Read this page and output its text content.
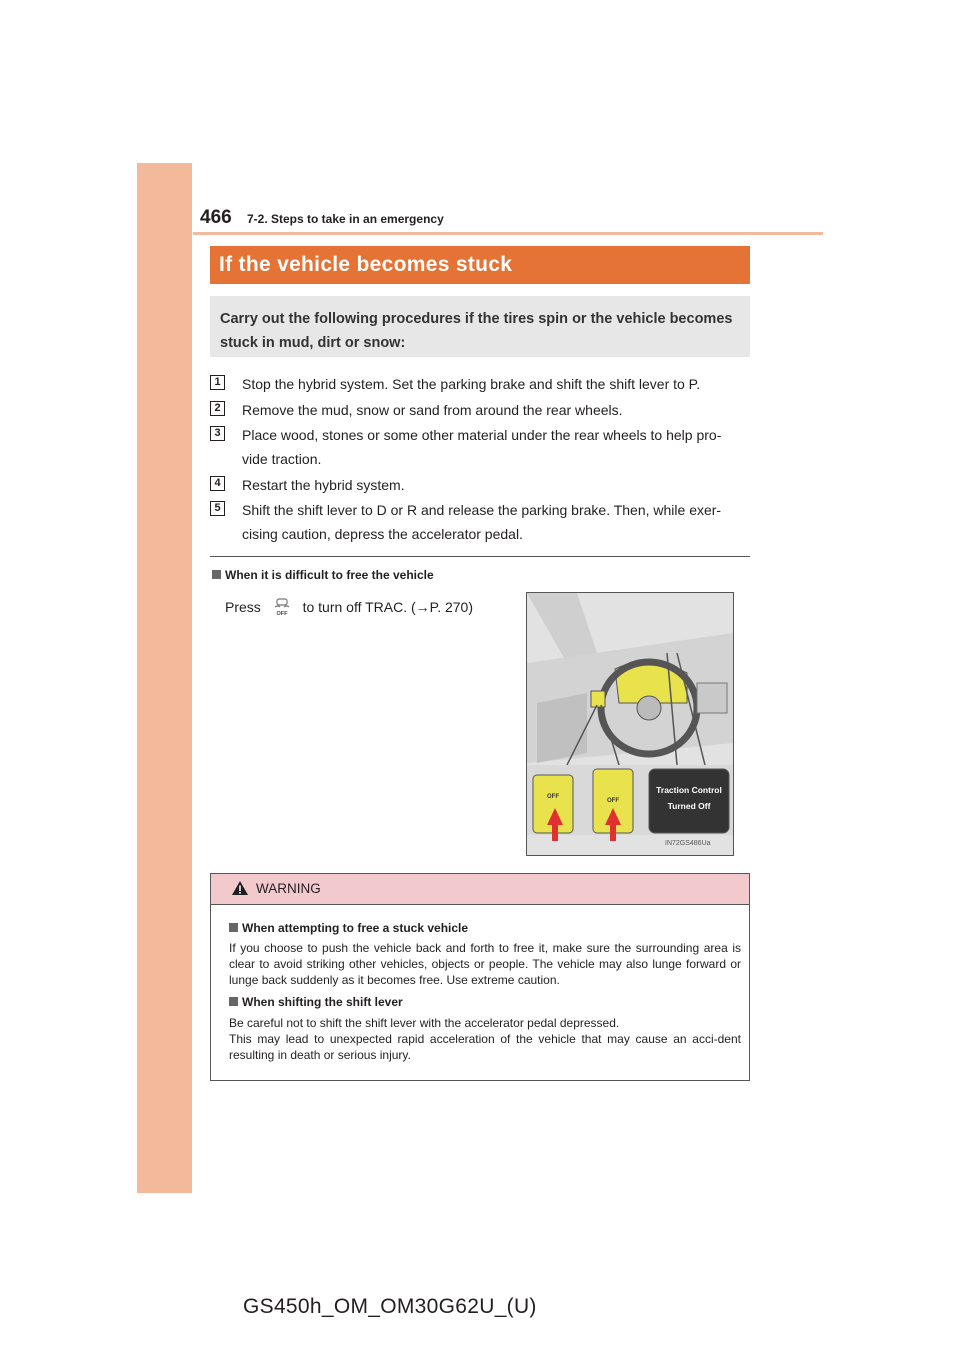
466 7-2. Steps to take in an emergency
If the vehicle becomes stuck
Carry out the following procedures if the tires spin or the vehicle becomes stuck in mud, dirt or snow:
1	Stop the hybrid system. Set the parking brake and shift the shift lever to P.
2	Remove the mud, snow or sand from around the rear wheels.
3	Place wood, stones or some other material under the rear wheels to help pro-vide traction.
4	Restart the hybrid system.
5	Shift the shift lever to D or R and release the parking brake. Then, while exer-cising caution, depress the accelerator pedal.
When it is difficult to free the vehicle
Press	OFF to turn off TRAC. (→P. 270)
OFF
OFF
Traction Control
Turned Off
IN72GS486Ua
WARNING
When attempting to free a stuck vehicle
If you choose to push the vehicle back and forth to free it, make sure the surrounding area is clear to avoid striking other vehicles, objects or people. The vehicle may also lunge forward or lunge back suddenly as it becomes free. Use extreme caution.
When shifting the shift lever
Be careful not to shift the shift lever with the accelerator pedal depressed.
This may lead to unexpected rapid acceleration of the vehicle that may cause an acci-dent resulting in death or serious injury.
GS450h_OM_OM30G62U_(U)
